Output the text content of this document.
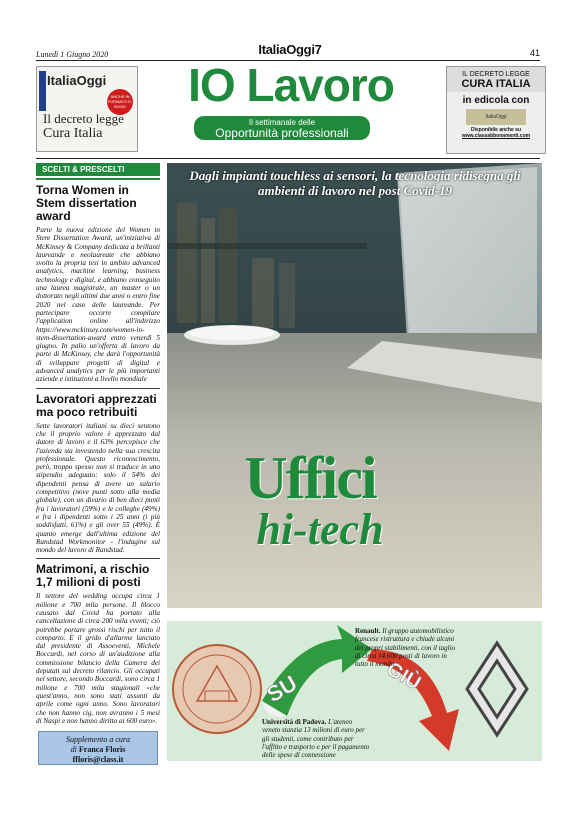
Lunedì 1 Giugno 2020	ItaliaOggi7	41
ItaliaOggi
ANCHE IN FORMATO E-BOOK
Il decreto legge
Cura Italia
IO Lavoro
Il settimanale delle
Opportunità professionali
IL DECRETO LEGGE
CURA ITALIA
in edicola con
ItaliaOggi
Disponibile anche su
www.classabbonamenti.com
SCELTI & PRESCELTI
Torna Women in Stem dissertation award
Parte la nuova edizione del Women in Stem Dissertation Award, un'iniziativa di McKinsey & Company dedicata a brillanti laureande e neolaureate che abbiano svolto la propria tesi in ambito advanced analytics, machine learning, business technology e digital, e abbiano conseguito una laurea magistrale, un master o un dottorato negli ultimi due anni o entro fine 2020 nel caso delle laureande. Per partecipare occorre compilare l'application online all'indirizzo https://www.mckinsey.com/women-in-stem-dissertation-award entro venerdì 5 giugno. In palio un'offerta di lavoro da parte di McKinsey, che darà l'opportunità di sviluppare progetti di digital e advanced analytics per le più importanti aziende e istituzioni a livello mondiale
Lavoratori apprezzati ma poco retribuiti
Sette lavoratori italiani su dieci sentono che il proprio valore è apprezzato dal datore di lavoro e il 63% percepisce che l'azienda sta investendo nella sua crescita professionale. Questo riconoscimento, però, troppo spesso non si traduce in uno stipendio adeguato: solo il 54% dei dipendenti pensa di avere un salario competitivo (nove punti sotto alla media globale), con un divario di ben dieci punti fra i lavoratori (59%) e le colleghe (49%) e fra i dipendenti sotto i 25 anni (i più soddisfatti, 61%) e gli over 55 (49%). È quanto emerge dall'ultima edizione del Randstad Workmonitor - l'indagine sul mondo del lavoro di Randstad.
Matrimoni, a rischio 1,7 milioni di posti
Il settore del wedding occupa circa 1 milione e 700 mila persone. Il blocco causato dal Covid ha portato alla cancellazione di circa 200 mila eventi; ciò potrebbe portare grossi rischi per tutto il comparto. È il grido d'allarme lanciato dal presidente di Assoeventi, Michele Boccardi, nel corso di un'audizione alla commissione bilancio della Camera dei deputati sul decreto rilancio. Gli occupati nel settore, secondo Boccardi, sono circa 1 milione e 700 mila stagionali «che quest'anno, non sono stati assunti da aprile come ogni anno. Sono lavoratori che non hanno cig, non avranno i 5 mesi di Naspi e non hanno diritto ai 600 euro».
Supplemento a cura
di Franca Floris
ffloris@class.it
Dagli impianti touchless ai sensori, la tecnologia ridisegna gli ambienti di lavoro nel post Covid-19
Uffici
hi-tech
SU	GIÙ
Renault. Il gruppo automobilistico francese ristruttura e chiude alcuni dei propri stabilimenti, con il taglio di circa 14.600 posti di lavoro in tutto il mondo
Università di Padova. L'ateneo veneto stanzia 13 milioni di euro per gli studenti, come contributo per l'affitto e trasporto e per il pagamento delle spese di connessione
